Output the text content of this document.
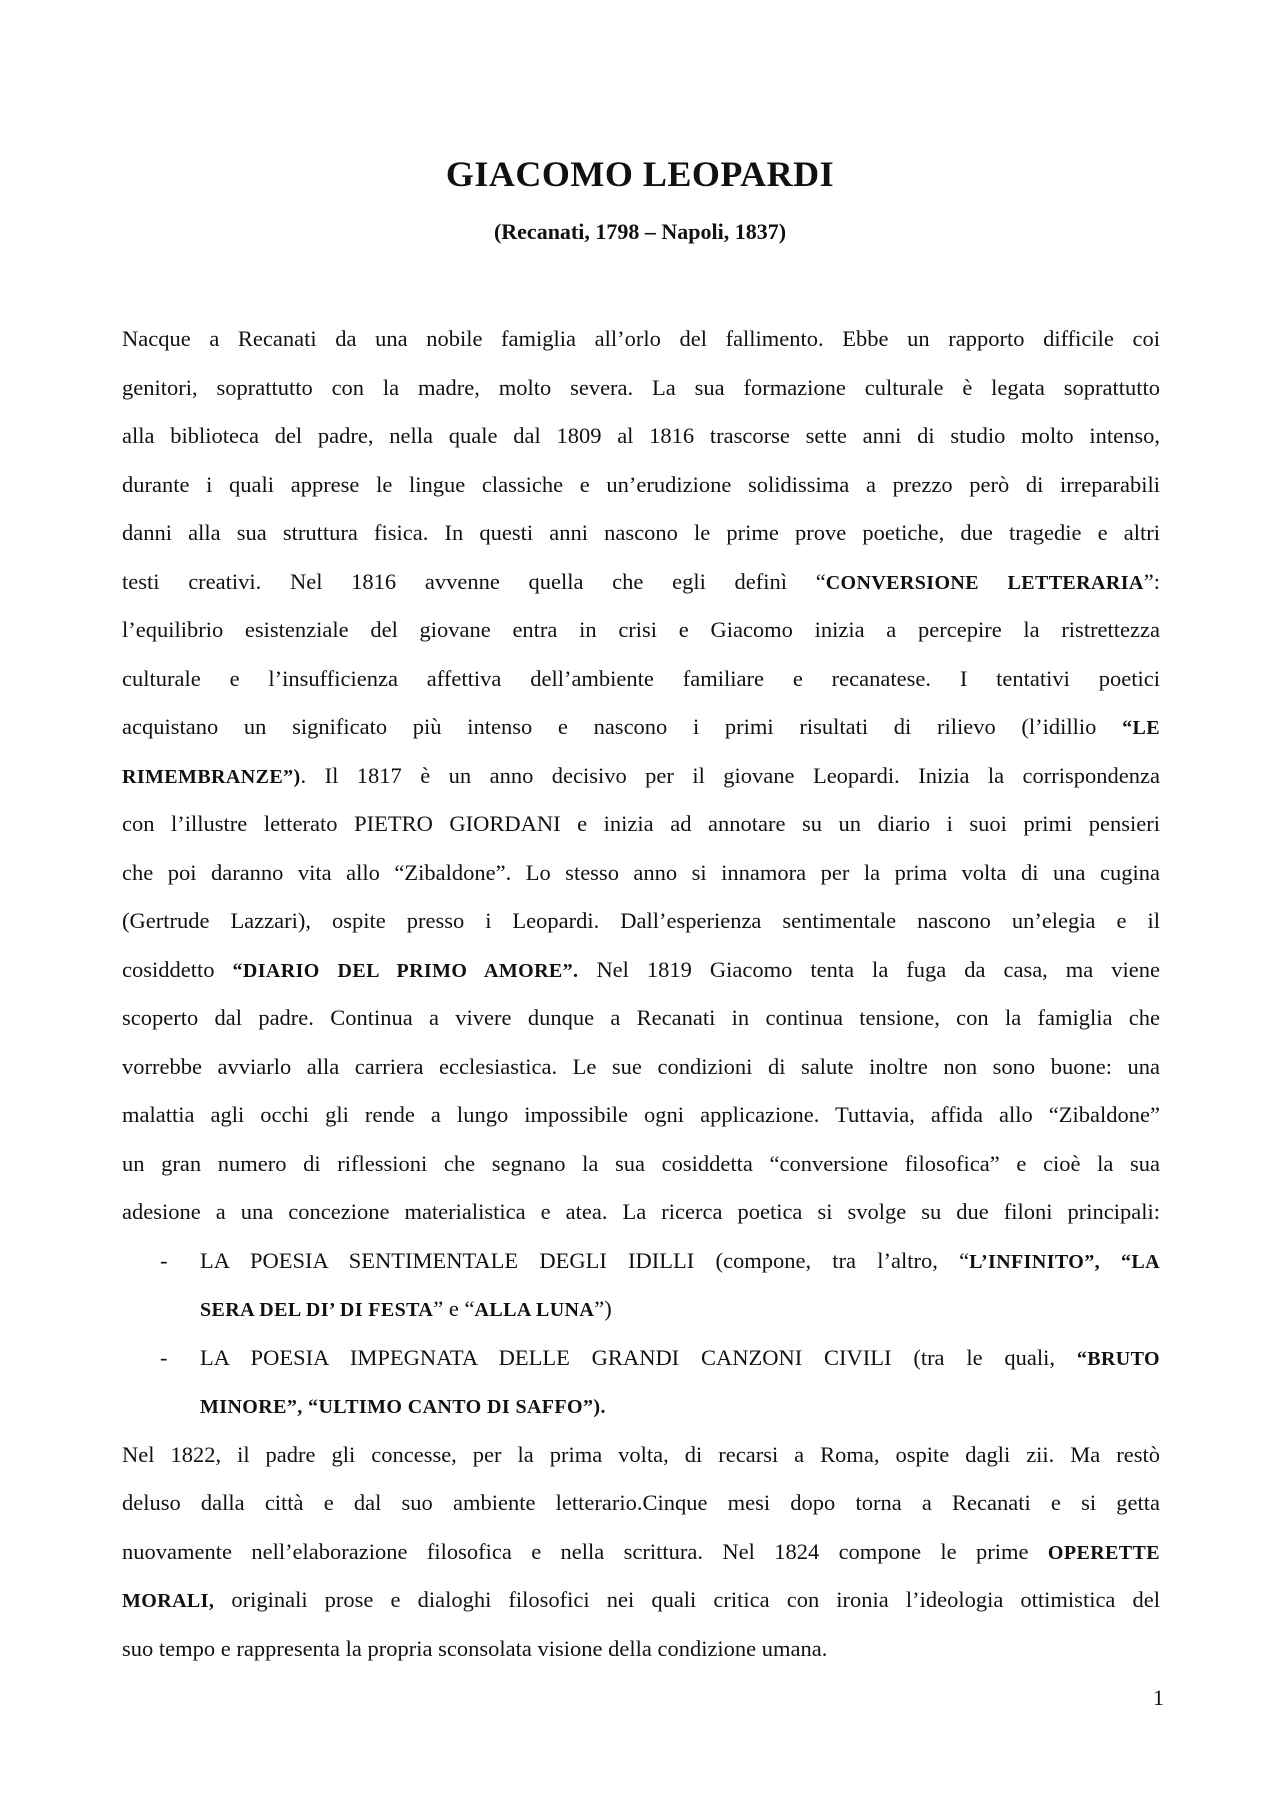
GIACOMO LEOPARDI
(Recanati, 1798 – Napoli, 1837)
Nacque a Recanati da una nobile famiglia all’orlo del fallimento. Ebbe un rapporto difficile coi
genitori, soprattutto con la madre, molto severa. La sua formazione culturale è legata soprattutto
alla biblioteca del padre, nella quale dal 1809 al 1816 trascorse sette anni di studio molto intenso,
durante i quali apprese le lingue classiche e un’erudizione solidissima a prezzo però di irreparabili
danni alla sua struttura fisica. In questi anni nascono le prime prove poetiche, due tragedie e altri
testi creativi. Nel 1816 avvenne quella che egli definì “CONVERSIONE LETTERARIA”:
l’equilibrio esistenziale del giovane entra in crisi e Giacomo inizia a percepire la ristrettezza
culturale e l’insufficienza affettiva dell’ambiente familiare e recanatese. I tentativi poetici
acquistano un significato più intenso e nascono i primi risultati di rilievo (l’idillio “LE
RIMEMBRANZE”). Il 1817 è un anno decisivo per il giovane Leopardi. Inizia la corrispondenza
con l’illustre letterato PIETRO GIORDANI e inizia ad annotare su un diario i suoi primi pensieri
che poi daranno vita allo “Zibaldone”. Lo stesso anno si innamora per la prima volta di una cugina
(Gertrude Lazzari), ospite presso i Leopardi. Dall’esperienza sentimentale nascono un’elegia e il
cosiddetto “DIARIO DEL PRIMO AMORE”. Nel 1819 Giacomo tenta la fuga da casa, ma viene
scoperto dal padre. Continua a vivere dunque a Recanati in continua tensione, con la famiglia che
vorrebbe avviarlo alla carriera ecclesiastica. Le sue condizioni di salute inoltre non sono buone: una
malattia agli occhi gli rende a lungo impossibile ogni applicazione. Tuttavia, affida allo “Zibaldone”
un gran numero di riflessioni che segnano la sua cosiddetta “conversione filosofica” e cioè la sua
adesione a una concezione materialistica e atea. La ricerca poetica si svolge su due filoni principali:
- LA POESIA SENTIMENTALE DEGLI IDILLI (compone, tra l’altro, “L’INFINITO”, “LA
SERA DEL DI’ DI FESTA” e “ALLA LUNA”)
- LA POESIA IMPEGNATA DELLE GRANDI CANZONI CIVILI (tra le quali, “BRUTO
MINORE”, “ULTIMO CANTO DI SAFFO”).
Nel 1822, il padre gli concesse, per la prima volta, di recarsi a Roma, ospite dagli zii. Ma restò
deluso dalla città e dal suo ambiente letterario.Cinque mesi dopo torna a Recanati e si getta
nuovamente nell’elaborazione filosofica e nella scrittura. Nel 1824 compone le prime OPERETTE
MORALI, originali prose e dialoghi filosofici nei quali critica con ironia l’ideologia ottimistica del
suo tempo e rappresenta la propria sconsolata visione della condizione umana.
1
